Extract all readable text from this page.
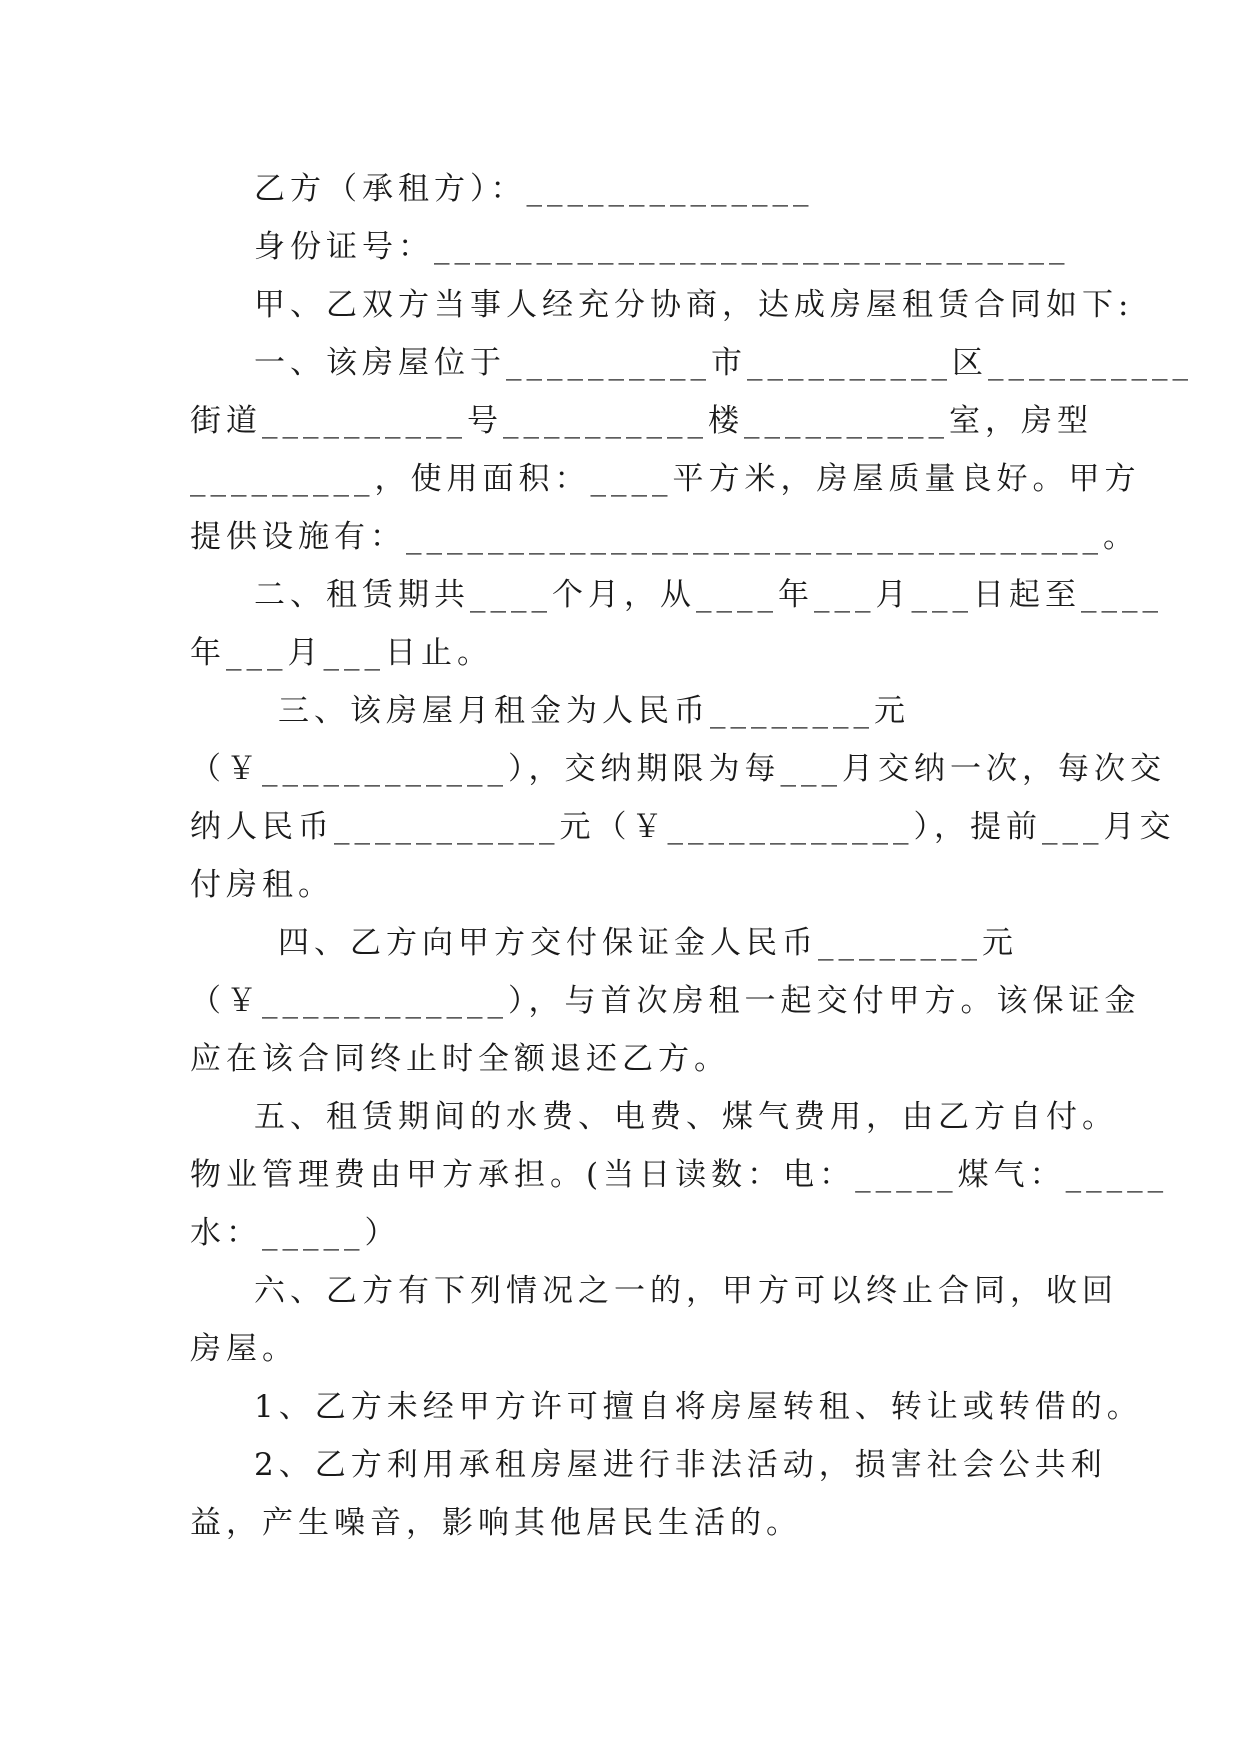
乙方（承租方）：______________
身份证号：_______________________________
甲、乙双方当事人经充分协商，达成房屋租赁合同如下:
一、该房屋位于__________市__________区__________
街道__________号__________楼__________室，房型
_________，使用面积：____平方米，房屋质量良好。甲方
提供设施有：__________________________________。
二、租赁期共____个月，从____年___月___日起至____
年___月___日止。
三、该房屋月租金为人民币________元
（￥____________），交纳期限为每___月交纳一次，每次交
纳人民币___________元（￥____________），提前___月交
付房租。
四、乙方向甲方交付保证金人民币________元
（￥____________），与首次房租一起交付甲方。该保证金
应在该合同终止时全额退还乙方。
五、租赁期间的水费、电费、煤气费用，由乙方自付。
物业管理费由甲方承担。(当日读数：电：_____煤气：_____
水：_____）
六、乙方有下列情况之一的，甲方可以终止合同，收回
房屋。
1、乙方未经甲方许可擅自将房屋转租、转让或转借的。
2、乙方利用承租房屋进行非法活动，损害社会公共利
益，产生噪音，影响其他居民生活的。
